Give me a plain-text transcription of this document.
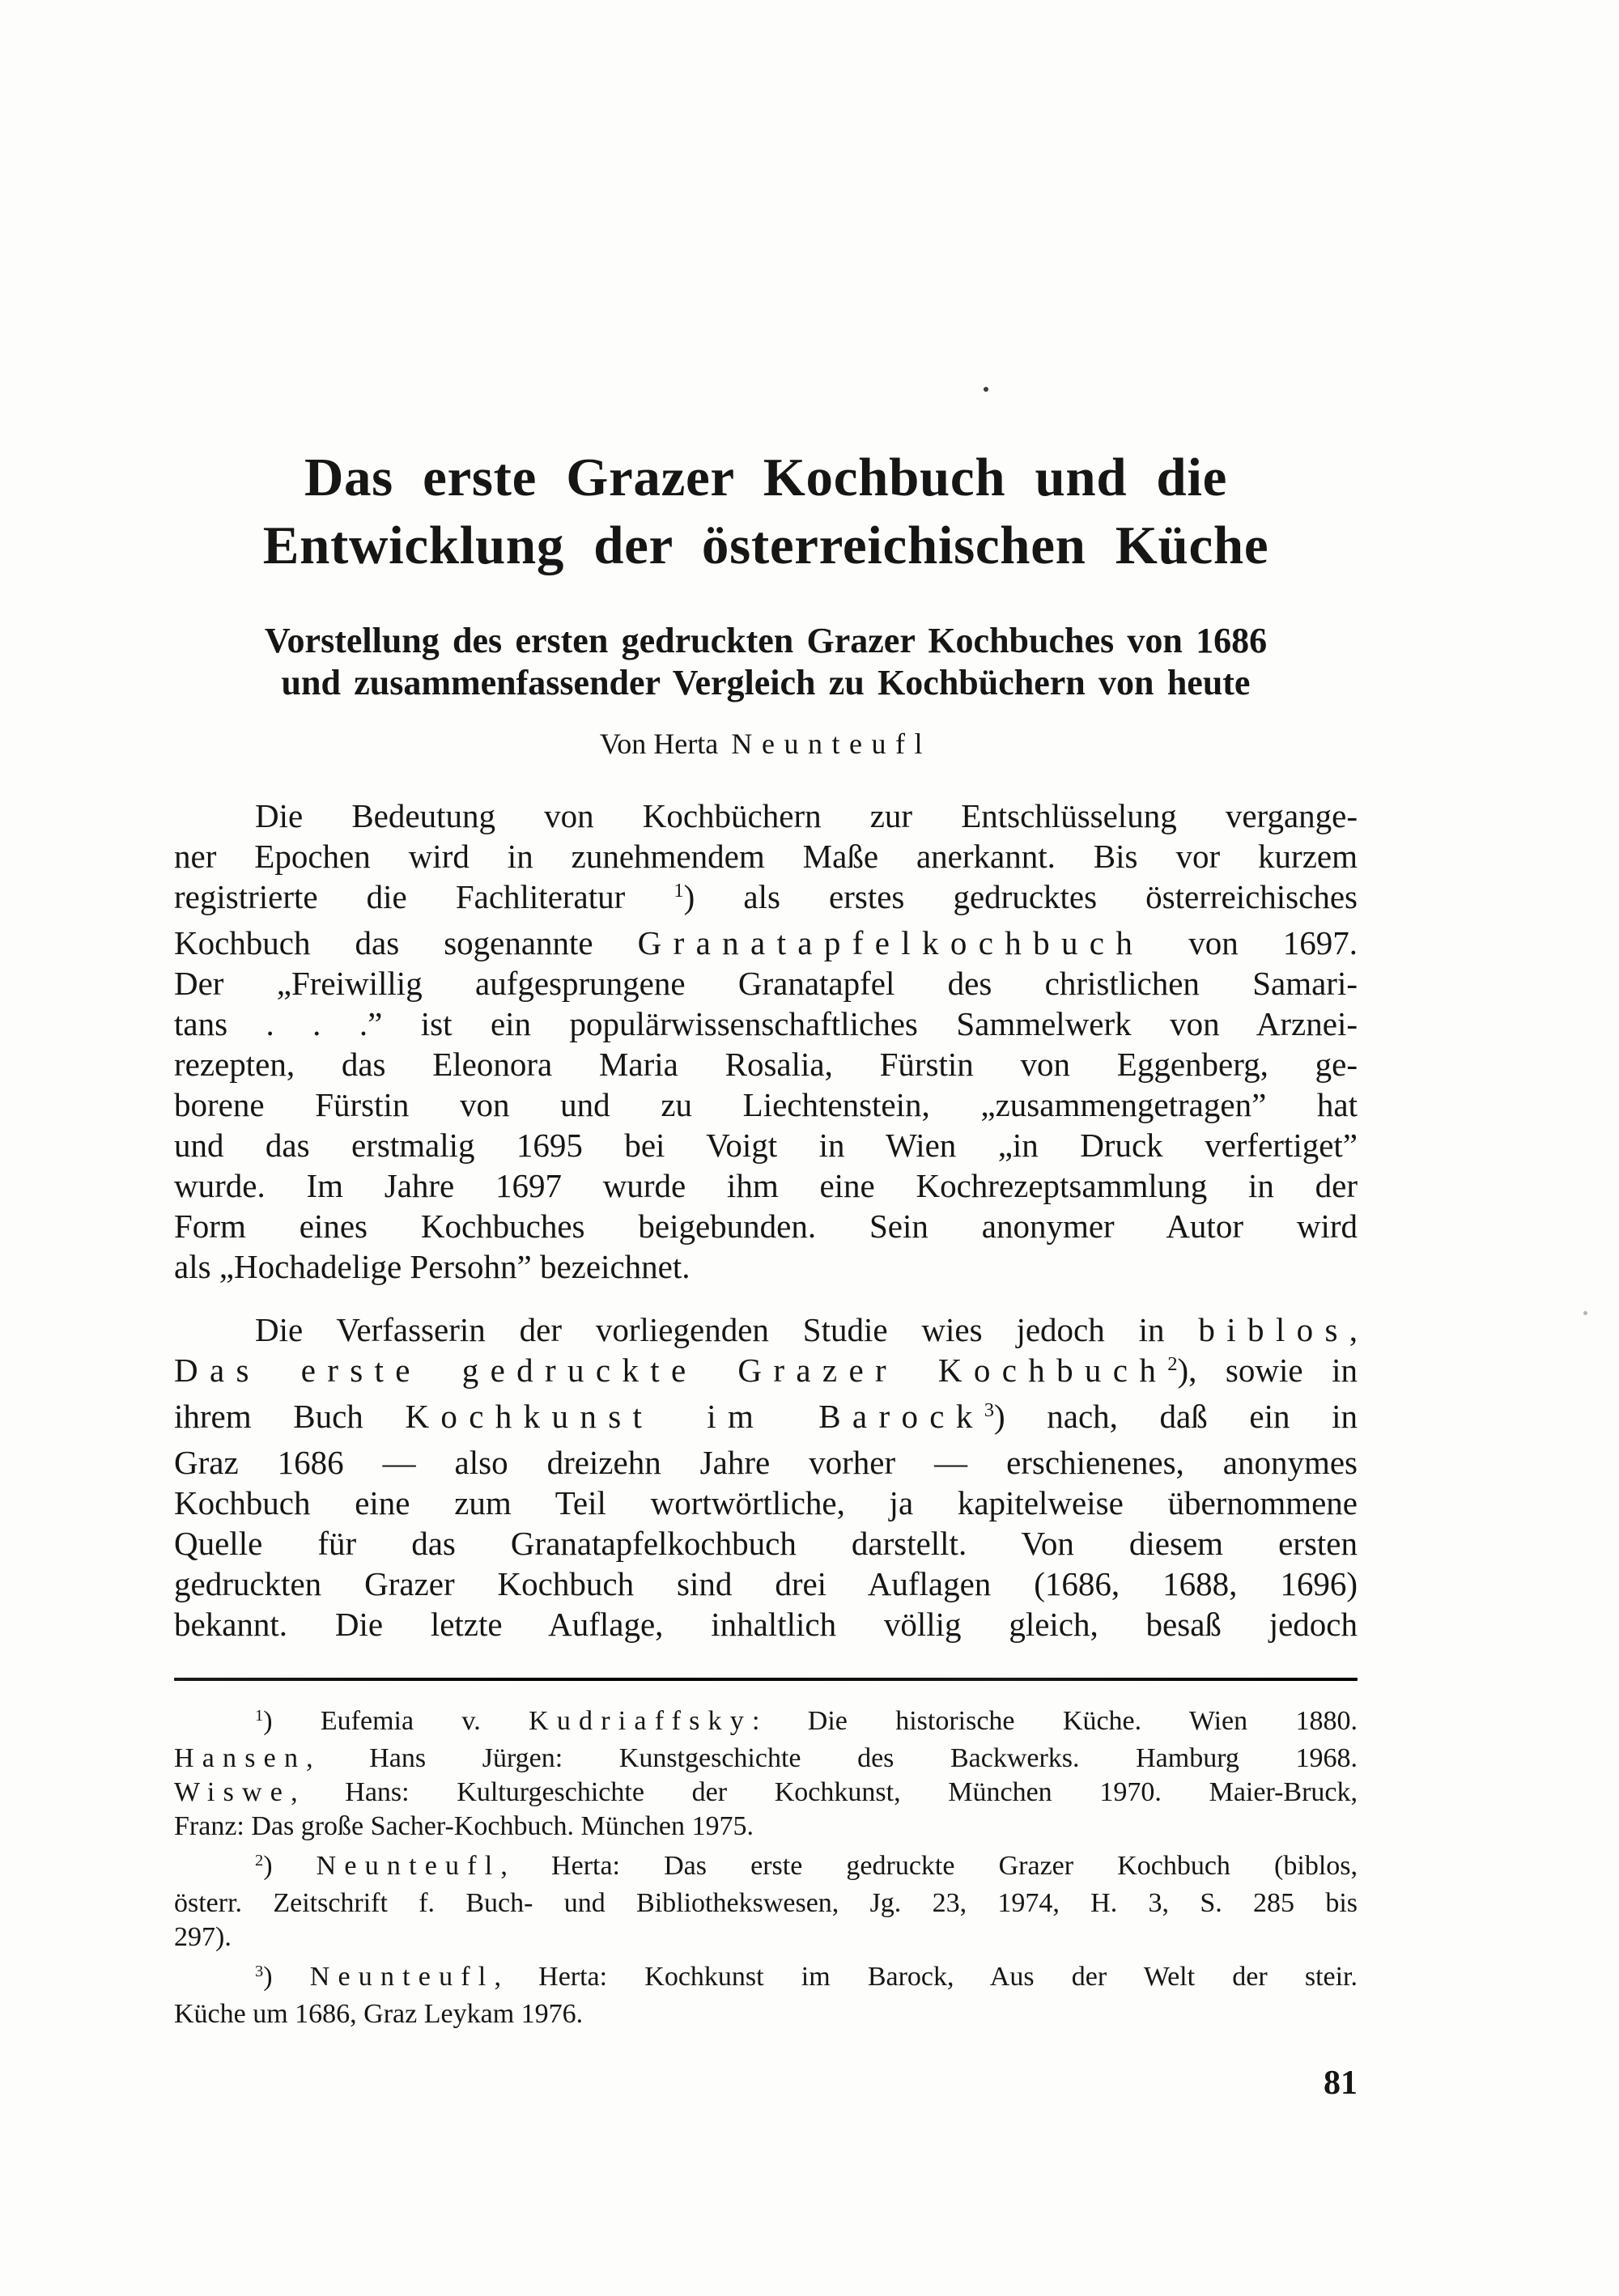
Das erste Grazer Kochbuch und die
Entwicklung der österreichischen Küche
Vorstellung des ersten gedruckten Grazer Kochbuches von 1686
und zusammenfassender Vergleich zu Kochbüchern von heute
Von Herta Neunteufl
Die Bedeutung von Kochbüchern zur Entschlüsselung vergange-
ner Epochen wird in zunehmendem Maße anerkannt. Bis vor kurzem
registrierte die Fachliteratur $^1$) als erstes gedrucktes österreichisches
Kochbuch das sogenannte Granatapfelkochbuch von 1697.
Der „Freiwillig aufgesprungene Granatapfel des christlichen Samari-
tans . . .” ist ein populärwissenschaftliches Sammelwerk von Arznei-
rezepten, das Eleonora Maria Rosalia, Fürstin von Eggenberg, ge-
borene Fürstin von und zu Liechtenstein, „zusammengetragen” hat
und das erstmalig 1695 bei Voigt in Wien „in Druck verfertiget”
wurde. Im Jahre 1697 wurde ihm eine Kochrezeptsammlung in der
Form eines Kochbuches beigebunden. Sein anonymer Autor wird
als „Hochadelige Persohn” bezeichnet.
Die Verfasserin der vorliegenden Studie wies jedoch in biblos,
Das erste gedruckte Grazer Kochbuch$^2$), sowie in
ihrem Buch Kochkunst im Barock$^3$) nach, daß ein in
Graz 1686 — also dreizehn Jahre vorher — erschienenes, anonymes
Kochbuch eine zum Teil wortwörtliche, ja kapitelweise übernommene
Quelle für das Granatapfelkochbuch darstellt. Von diesem ersten
gedruckten Grazer Kochbuch sind drei Auflagen (1686, 1688, 1696)
bekannt. Die letzte Auflage, inhaltlich völlig gleich, besaß jedoch
$^1$) Eufemia v. Kudriaffsky: Die historische Küche. Wien 1880.
Hansen, Hans Jürgen: Kunstgeschichte des Backwerks. Hamburg 1968.
Wiswe, Hans: Kulturgeschichte der Kochkunst, München 1970. Maier-Bruck,
Franz: Das große Sacher-Kochbuch. München 1975.
$^2$) Neunteufl, Herta: Das erste gedruckte Grazer Kochbuch (biblos,
österr. Zeitschrift f. Buch- und Bibliothekswesen, Jg. 23, 1974, H. 3, S. 285 bis
297).
$^3$) Neunteufl, Herta: Kochkunst im Barock, Aus der Welt der steir.
Küche um 1686, Graz Leykam 1976.
81
